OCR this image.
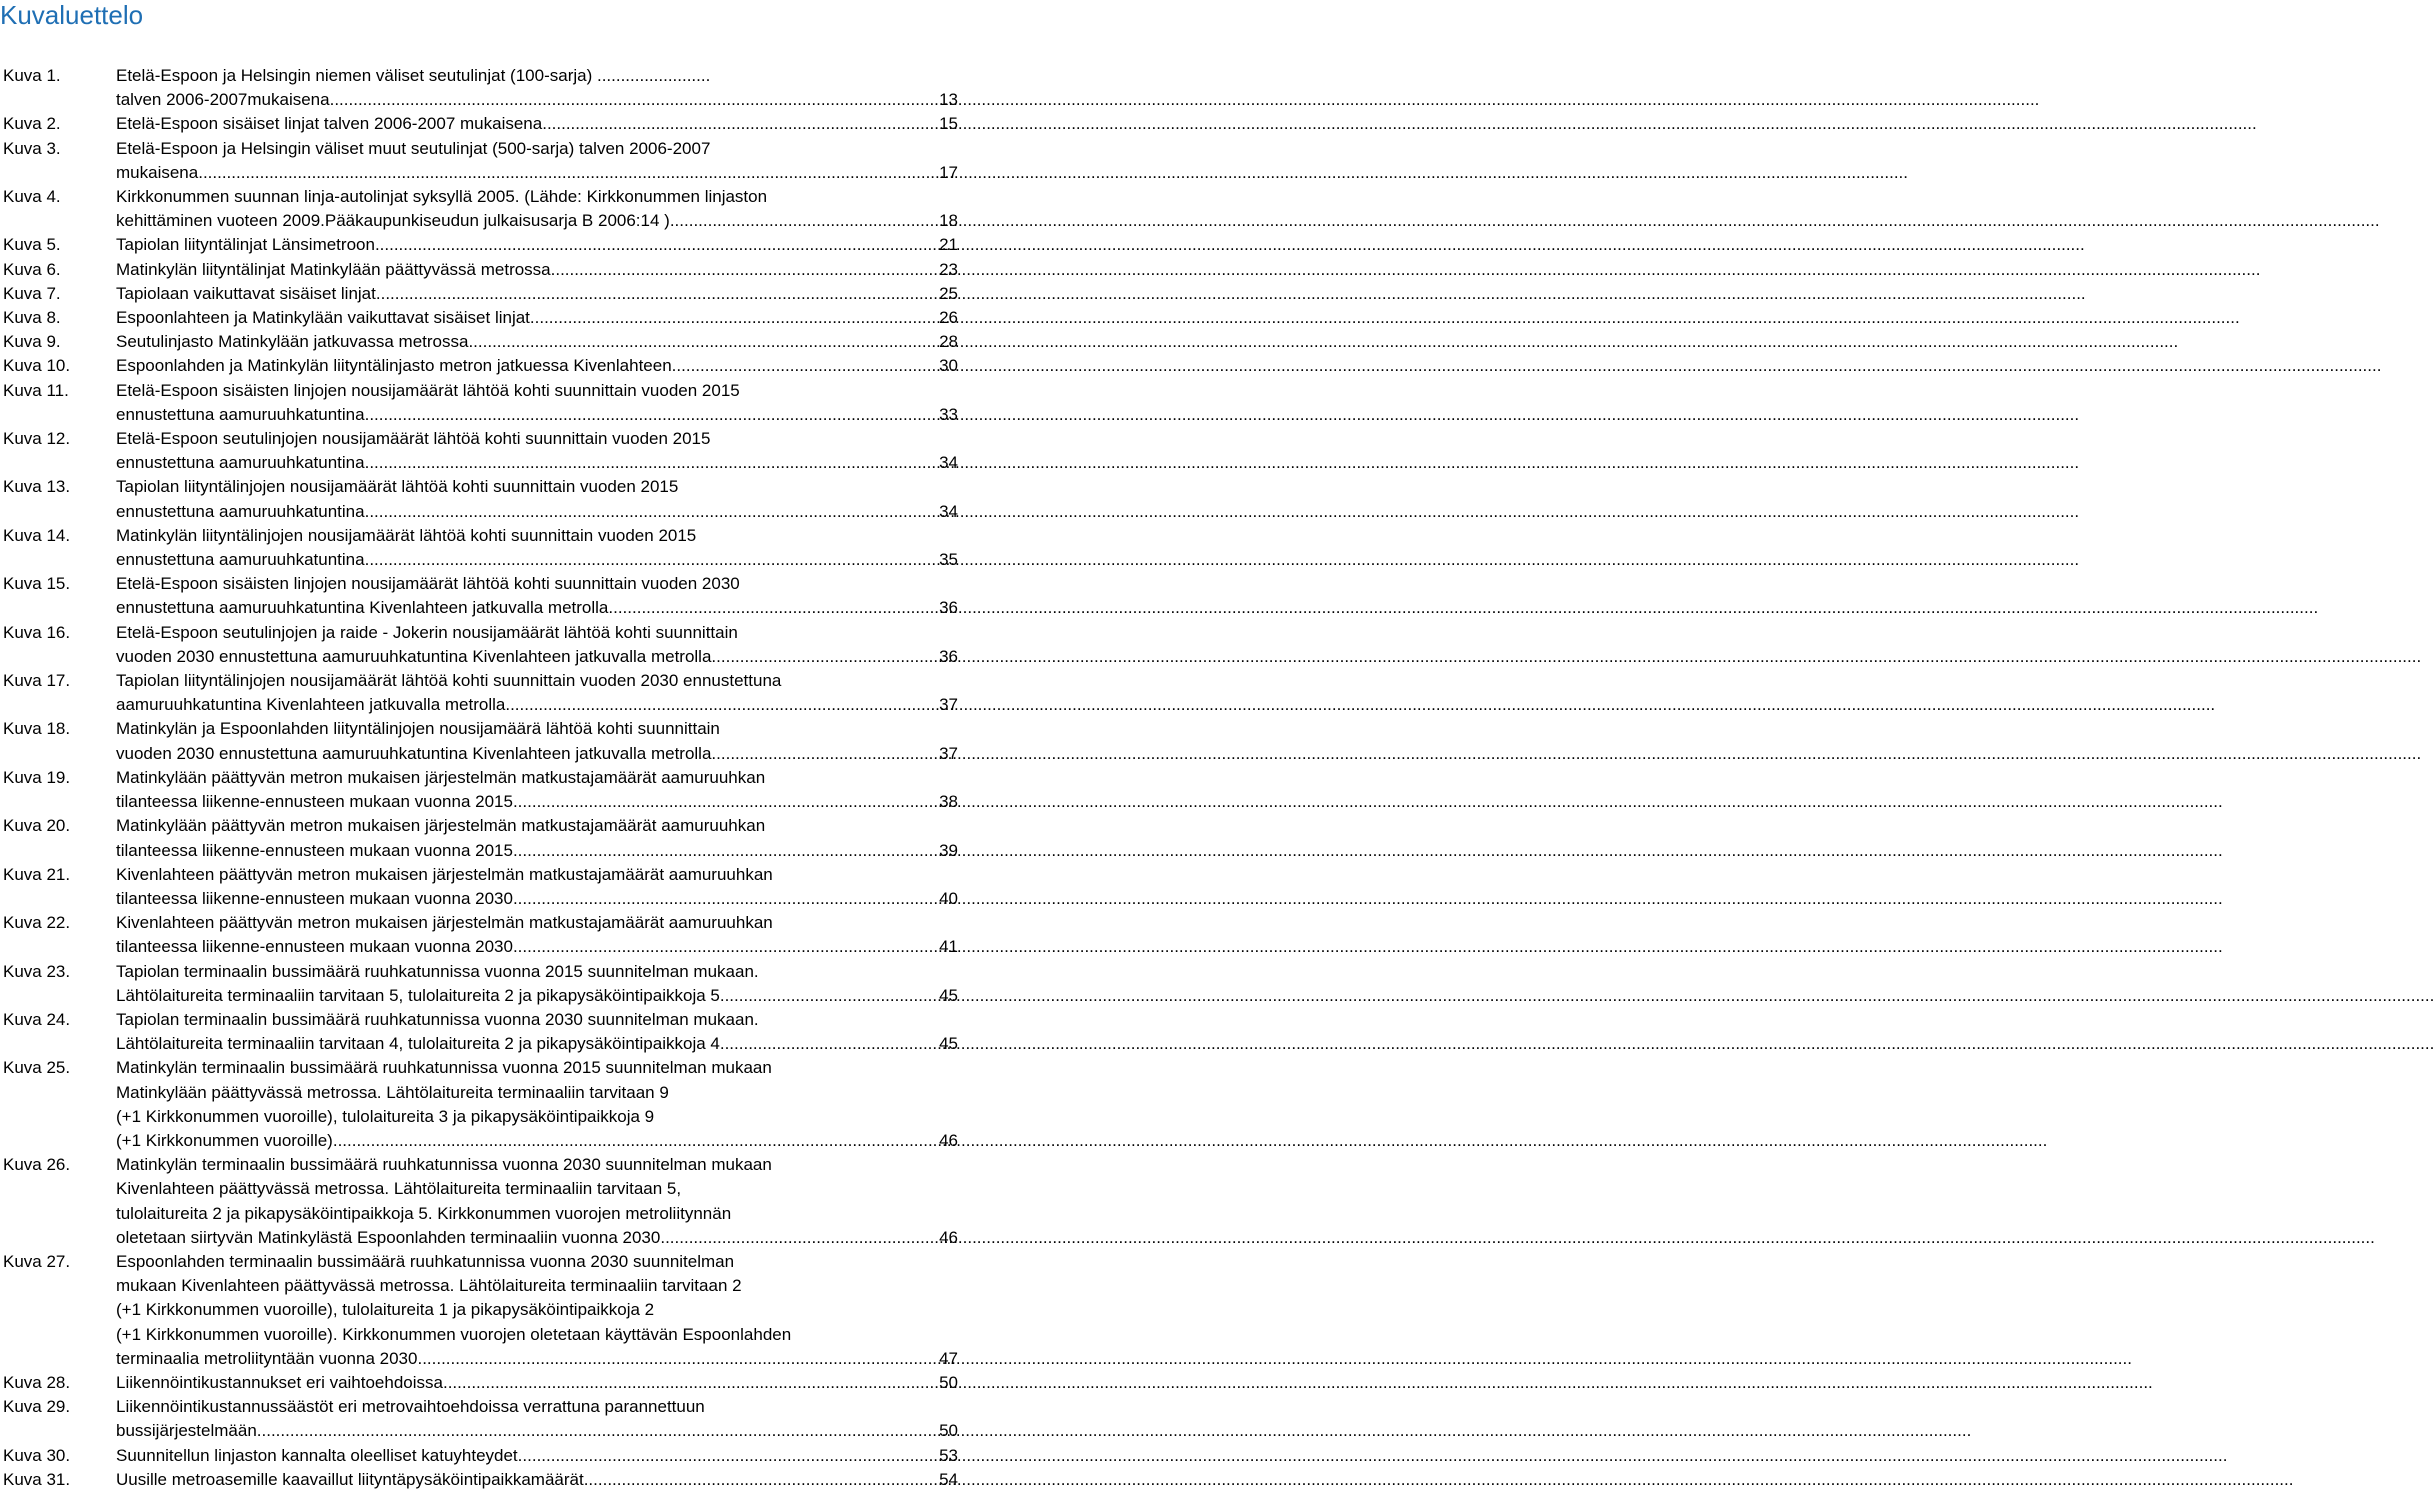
Kuvaluettelo
Kuva 1.	Etelä-Espoon ja Helsingin niemen väliset seutulinjat (100-sarja) ........................
talven 2006-2007mukaisena .....	13
Kuva 2.	Etelä-Espoon sisäiset linjat talven 2006-2007 mukaisena. .....	15
Kuva 3.	Etelä-Espoon ja Helsingin väliset muut seutulinjat (500-sarja) talven 2006-2007
mukaisena .....	17
Kuva 4.	Kirkkonummen suunnan linja-autolinjat syksyllä 2005. (Lähde: Kirkkonummen linjaston
kehittäminen vuoteen 2009.Pääkaupunkiseudun julkaisusarja B 2006:14 ) .....	18
Kuva 5.	Tapiolan liityntälinjat Länsimetroon .....	21
Kuva 6.	Matinkylän liityntälinjat Matinkylään päättyvässä metrossa .....	23
Kuva 7.	Tapiolaan vaikuttavat sisäiset linjat .....	25
Kuva 8.	Espoonlahteen ja Matinkylään vaikuttavat sisäiset linjat .....	26
Kuva 9.	Seutulinjasto Matinkylään jatkuvassa metrossa .....	28
Kuva 10.	Espoonlahden ja Matinkylän liityntälinjasto metron jatkuessa Kivenlahteen .....	30
Kuva 11.	Etelä-Espoon sisäisten linjojen nousijamäärät lähtöä kohti suunnittain vuoden 2015
ennustettuna aamuruuhkatuntina. .....	33
Kuva 12.	Etelä-Espoon seutulinjojen nousijamäärät lähtöä kohti suunnittain vuoden 2015
ennustettuna aamuruuhkatuntina. .....	34
Kuva 13.	Tapiolan liityntälinjojen nousijamäärät lähtöä kohti suunnittain vuoden 2015
ennustettuna aamuruuhkatuntina. .....	34
Kuva 14.	Matinkylän liityntälinjojen nousijamäärät lähtöä kohti suunnittain vuoden 2015
ennustettuna aamuruuhkatuntina. .....	35
Kuva 15.	Etelä-Espoon sisäisten linjojen nousijamäärät lähtöä kohti suunnittain vuoden 2030
ennustettuna aamuruuhkatuntina Kivenlahteen jatkuvalla metrolla .....	36
Kuva 16.	Etelä-Espoon seutulinjojen ja raide - Jokerin nousijamäärät lähtöä kohti suunnittain
vuoden 2030 ennustettuna aamuruuhkatuntina Kivenlahteen jatkuvalla metrolla .....	36
Kuva 17.	Tapiolan liityntälinjojen nousijamäärät lähtöä kohti suunnittain vuoden 2030 ennustettuna
aamuruuhkatuntina Kivenlahteen jatkuvalla metrolla .....	37
Kuva 18.	Matinkylän ja Espoonlahden liityntälinjojen nousijamäärä lähtöä kohti suunnittain
vuoden 2030 ennustettuna aamuruuhkatuntina Kivenlahteen jatkuvalla metrolla .....	37
Kuva 19.	Matinkylään päättyvän metron mukaisen järjestelmän matkustajamäärät aamuruuhkan
tilanteessa liikenne-ennusteen mukaan vuonna 2015 .....	38
Kuva 20.	Matinkylään päättyvän metron mukaisen järjestelmän matkustajamäärät aamuruuhkan
tilanteessa liikenne-ennusteen mukaan vuonna 2015 .....	39
Kuva 21.	Kivenlahteen päättyvän metron mukaisen järjestelmän matkustajamäärät aamuruuhkan
tilanteessa liikenne-ennusteen mukaan vuonna 2030 .....	40
Kuva 22.	Kivenlahteen päättyvän metron mukaisen järjestelmän matkustajamäärät aamuruuhkan
tilanteessa liikenne-ennusteen mukaan vuonna 2030 .....	41
Kuva 23.	Tapiolan terminaalin bussimäärä ruuhkatunnissa vuonna 2015 suunnitelman mukaan.
Lähtölaitureita terminaaliin tarvitaan 5, tulolaitureita 2 ja pikapysäköintipaikkoja 5. .....	45
Kuva 24.	Tapiolan terminaalin bussimäärä ruuhkatunnissa vuonna 2030 suunnitelman mukaan.
Lähtölaitureita terminaaliin tarvitaan 4, tulolaitureita 2 ja pikapysäköintipaikkoja 4. .....	45
Kuva 25.	Matinkylän terminaalin bussimäärä ruuhkatunnissa vuonna 2015 suunnitelman mukaan
Matinkylään päättyvässä metrossa. Lähtölaitureita terminaaliin tarvitaan 9
(+1 Kirkkonummen vuoroille), tulolaitureita 3 ja pikapysäköintipaikkoja 9
(+1 Kirkkonummen vuoroille). .....	46
Kuva 26.	Matinkylän terminaalin bussimäärä ruuhkatunnissa vuonna 2030 suunnitelman mukaan
Kivenlahteen päättyvässä metrossa. Lähtölaitureita terminaaliin tarvitaan 5,
tulolaitureita 2 ja pikapysäköintipaikkoja 5. Kirkkonummen vuorojen metroliitynnän
oletetaan siirtyvän Matinkylästä Espoonlahden terminaaliin vuonna 2030. .....	46
Kuva 27.	Espoonlahden terminaalin bussimäärä ruuhkatunnissa vuonna 2030 suunnitelman
mukaan Kivenlahteen päättyvässä metrossa. Lähtölaitureita terminaaliin tarvitaan 2
(+1 Kirkkonummen vuoroille), tulolaitureita 1 ja pikapysäköintipaikkoja 2
(+1 Kirkkonummen vuoroille). Kirkkonummen vuorojen oletetaan käyttävän Espoonlahden
terminaalia metroliityntään vuonna 2030. .....	47
Kuva 28.	Liikennöintikustannukset eri vaihtoehdoissa .....	50
Kuva 29.	Liikennöintikustannussäästöt eri metrovaihtoehdoissa verrattuna parannettuun
bussijärjestelmään. .....	50
Kuva 30.	Suunnitellun linjaston kannalta oleelliset katuyhteydet .....	53
Kuva 31.	Uusille metroasemille kaavaillut liityntäpysäköintipaikkamäärät .....	54
